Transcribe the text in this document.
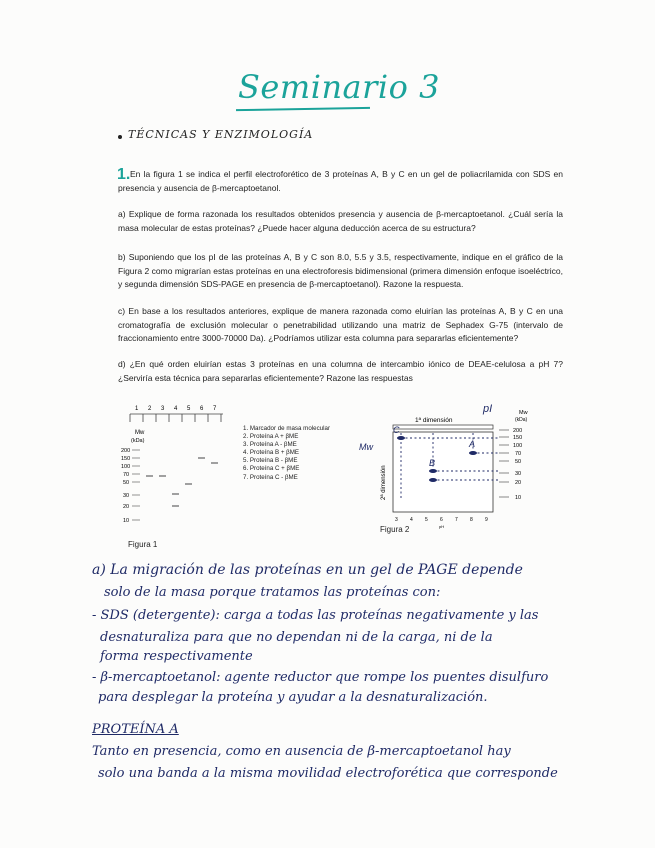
Seminario 3
TÉCNICAS Y ENZIMOLOGÍA
1. En la figura 1 se indica el perfil electroforético de 3 proteínas A, B y C en un gel de poliacrilamida con SDS en presencia y ausencia de β-mercaptoetanol.
a) Explique de forma razonada los resultados obtenidos presencia y ausencia de β-mercaptoetanol. ¿Cuál sería la masa molecular de estas proteínas? ¿Puede hacer alguna deducción acerca de su estructura?
b) Suponiendo que los pI de las proteínas A, B y C son 8.0, 5.5 y 3.5, respectivamente, indique en el gráfico de la Figura 2 como migrarían estas proteínas en una electroforesis bidimensional (primera dimensión enfoque isoeléctrico, y segunda dimensión SDS-PAGE en presencia de β-mercaptoetanol). Razone la respuesta.
c) En base a los resultados anteriores, explique de manera razonada como eluirían las proteínas A, B y C en una cromatografía de exclusión molecular o penetrabilidad utilizando una matriz de Sephadex G-75 (intervalo de fraccionamiento entre 3000-70000 Da). ¿Podríamos utilizar esta columna para separarlas eficientemente?
d) ¿En qué orden eluirían estas 3 proteínas en una columna de intercambio iónico de DEAE-celulosa a pH 7? ¿Serviría esta técnica para separarlas eficientemente? Razone las respuestas
Mw
(kDa)
1 2 3 4 5 6 7
200
150
100
70
50
30
20
10
1. Marcador de masa molecular
2. Proteína A + βME
3. Proteína A - βME
4. Proteína B + βME
5. Proteína B - βME
6. Proteína C + βME
7. Proteína C - βME
Figura 1
pI
1ª dimensión
Mw
2ª dimensión
3 4 5 6 7 8 9
pH
Mw
(kDa)
200
150
100
70
50
30
20
10
C
A
B
Figura 2
a) La migración de las proteínas en un gel de PAGE depende
solo de la masa porque tratamos las proteínas con:
- SDS (detergente): carga a todas las proteínas negativamente y las
desnaturaliza para que no dependan ni de la carga, ni de la
forma respectivamente
- β-mercaptoetanol: agente reductor que rompe los puentes disulfuro
para desplegar la proteína y ayudar a la desnaturalización.
PROTEÍNA A
Tanto en presencia, como en ausencia de β-mercaptoetanol hay
solo una banda a la misma movilidad electroforética que corresponde
